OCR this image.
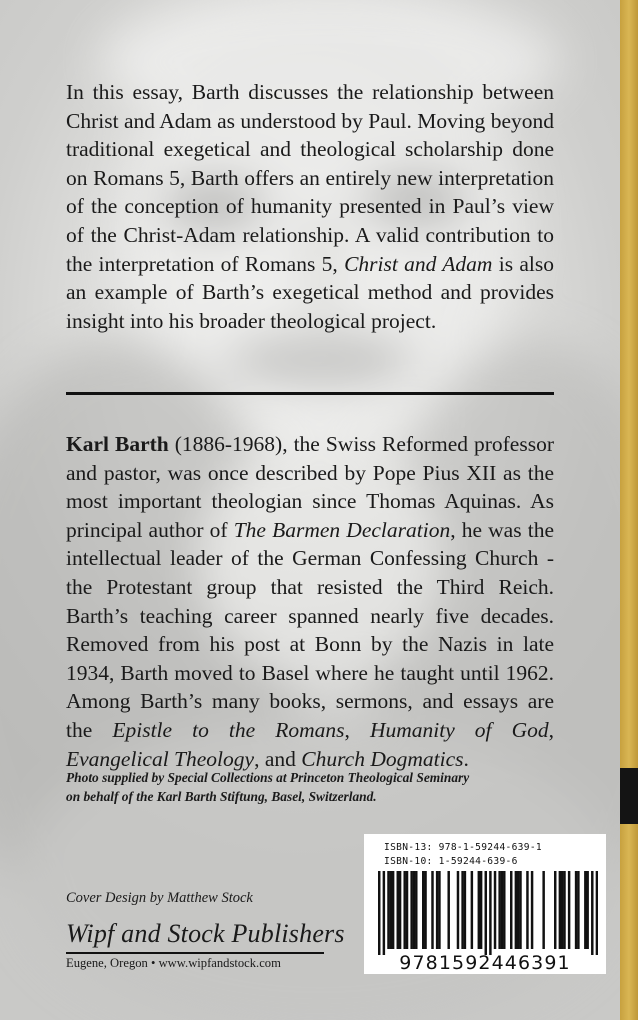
In this essay, Barth discusses the relationship between Christ and Adam as understood by Paul. Moving beyond traditional exegetical and theological scholarship done on Romans 5, Barth offers an entirely new interpretation of the conception of humanity presented in Paul’s view of the Christ-Adam relationship. A valid contribution to the interpretation of Romans 5, Christ and Adam is also an example of Barth’s exegetical method and provides insight into his broader theological project.

Karl Barth (1886-1968), the Swiss Reformed professor and pastor, was once described by Pope Pius XII as the most important theologian since Thomas Aquinas. As principal author of The Barmen Declaration, he was the intellectual leader of the German Confessing Church - the Protestant group that resisted the Third Reich. Barth’s teaching career spanned nearly five decades. Removed from his post at Bonn by the Nazis in late 1934, Barth moved to Basel where he taught until 1962. Among Barth’s many books, sermons, and essays are the Epistle to the Romans, Humanity of God, Evangelical Theology, and Church Dogmatics.

Photo supplied by Special Collections at Princeton Theological Seminary
on behalf of the Karl Barth Stiftung, Basel, Switzerland.

Cover Design by Matthew Stock

Wipf and Stock Publishers

Eugene, Oregon • www.wipfandstock.com

ISBN-13: 978-1-59244-639-1

ISBN-10: 1-59244-639-6

9781592446391
